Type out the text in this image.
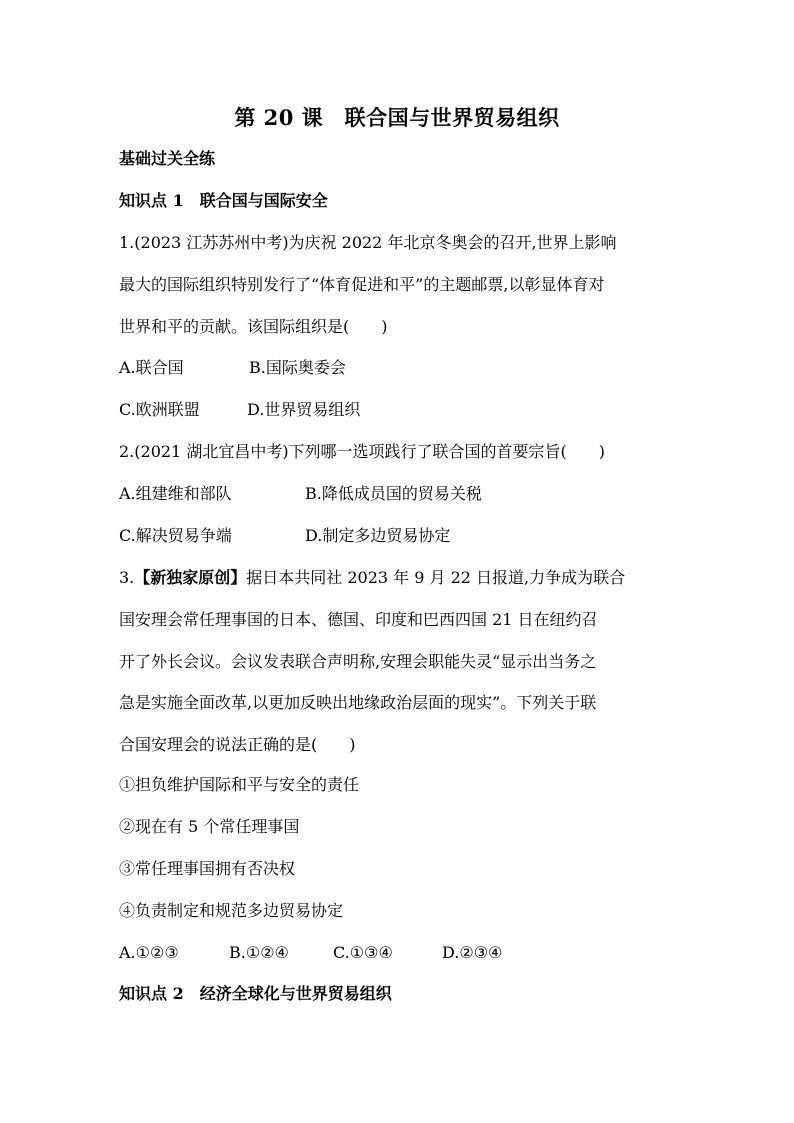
第 20 课　联合国与世界贸易组织
基础过关全练
知识点 1　联合国与国际安全
1.(2023 江苏苏州中考)为庆祝 2022 年北京冬奥会的召开,世界上影响
最大的国际组织特别发行了“体育促进和平”的主题邮票,以彰显体育对
世界和平的贡献。该国际组织是(　　)
A.联合国	B.国际奥委会
C.欧洲联盟	D.世界贸易组织
2.(2021 湖北宜昌中考)下列哪一选项践行了联合国的首要宗旨(　　)
A.组建维和部队	B.降低成员国的贸易关税
C.解决贸易争端	D.制定多边贸易协定
3.【新独家原创】据日本共同社 2023 年 9 月 22 日报道,力争成为联合
国安理会常任理事国的日本、德国、印度和巴西四国 21 日在纽约召
开了外长会议。会议发表联合声明称,安理会职能失灵“显示出当务之
急是实施全面改革,以更加反映出地缘政治层面的现实”。下列关于联
合国安理会的说法正确的是(　　)
①担负维护国际和平与安全的责任
②现在有 5 个常任理事国
③常任理事国拥有否决权
④负责制定和规范多边贸易协定
A.①②③	B.①②④	C.①③④	D.②③④
知识点 2　经济全球化与世界贸易组织
